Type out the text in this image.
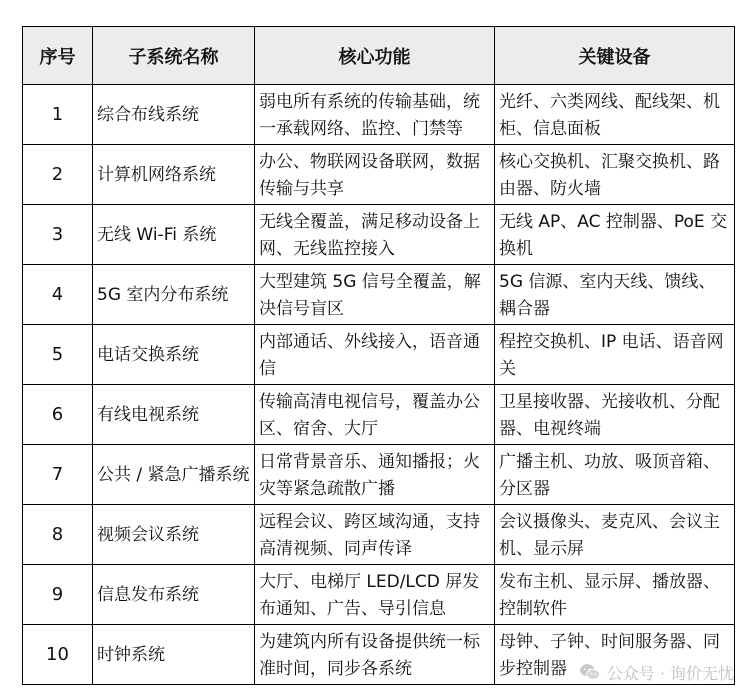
序号	子系统名称	核心功能	关键设备
1	综合布线系统	弱电所有系统的传输基础，统一承载网络、监控、门禁等	光纤、六类网线、配线架、机柜、信息面板

2	计算机网络系统	办公、物联网设备联网，数据传输与共享	核心交换机、汇聚交换机、路由器、防火墙

3	无线 Wi-Fi 系统	无线全覆盖，满足移动设备上网、无线监控接入	无线 AP、AC 控制器、PoE 交换机

4	5G 室内分布系统	大型建筑 5G 信号全覆盖，解决信号盲区	5G 信源、室内天线、馈线、耦合器

5	电话交换系统	内部通话、外线接入，语音通信	程控交换机、IP 电话、语音网关

6	有线电视系统	传输高清电视信号，覆盖办公区、宿舍、大厅	卫星接收器、光接收机、分配器、电视终端

7	公共 / 紧急广播系统	日常背景音乐、通知播报；火灾等紧急疏散广播	广播主机、功放、吸顶音箱、分区器

8	视频会议系统	远程会议、跨区域沟通，支持高清视频、同声传译	会议摄像头、麦克风、会议主机、显示屏

9	信息发布系统	大厅、电梯厅 LED/LCD 屏发布通知、广告、导引信息	发布主机、显示屏、播放器、控制软件

10	时钟系统	为建筑内所有设备提供统一标准时间，同步各系统	母钟、子钟、时间服务器、同步控制器	公众号 · 询价无忧
